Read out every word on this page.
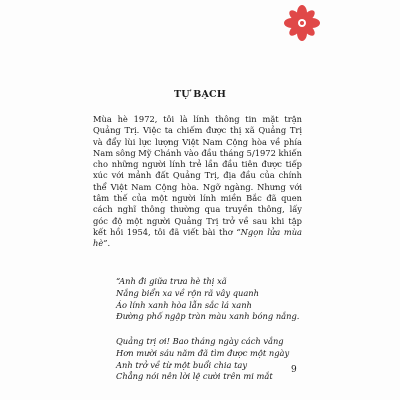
TỰ BẠCH

Mùa hè 1972, tôi là lính thông tin mặt trận Quảng Trị. Việc ta chiếm được thị xã Quảng Trị và đẩy lùi lực lượng Việt Nam Cộng hòa về phía Nam sông Mỹ Chánh vào đầu tháng 5/1972 khiến cho những người lính trẻ lần đầu tiên được tiếp xúc với mảnh đất Quảng Trị, địa đầu của chính thể Việt Nam Cộng hòa. Ngỡ ngàng. Nhưng với tâm thế của một người lính miền Bắc đã quen cách nghĩ thông thường qua truyền thông, lấy góc độ một người Quảng Trị trở về sau khi tập kết hồi 1954, tôi đã viết bài thơ “Ngọn lửa mùa hè”.

“Anh đi giữa trưa hè thị xã
Nắng biển xa về rộn rã vây quanh
Áo lính xanh hòa lẫn sắc lá xanh
Đường phố ngập tràn màu xanh bóng nắng.
Quảng trị ơi! Bao tháng ngày cách vắng
Hơn mười sáu năm đã tìm được một ngày
Anh trở về từ một buổi chia tay
Chẳng nói nên lời lệ cười trên mi mắt
9
